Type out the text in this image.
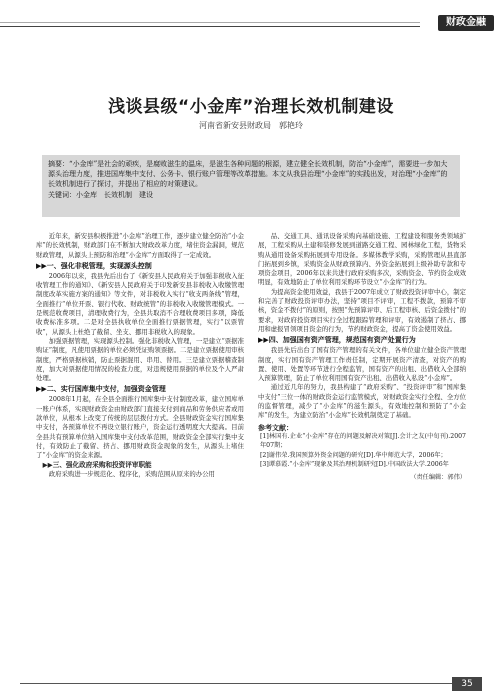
财政金融
浅谈县级“小金库”治理长效机制建设
河南省新安县财政局　郭艳玲
摘要：“小金库”是社会的顽疾，是腐败滋生的温床，是滋生各种问题的根源，建立健全长效机制，防治“小金库”，需要进一步加大源头治理力度，推进国库集中支付、公务卡、银行账户管理等改革措施。本文从我县治理“小金库”的实践出发，对治理“小金库”的长效机制进行了探讨，并提出了相应的对策建议。
关键词：小金库　长效机制　建设

近年来，新安县积极推进“小金库”治理工作，逐步建立健全防治“小金库”的长效机制，财政部门在不断加大财政改革力度，堵住资金漏洞，规范财政管理，从源头上预防和治理“小金库”方面取得了一定成效。

▶▶一、强化非税管理，实现源头控制

2006年以来，我县先后出台了《新安县人民政府关于加强非税收入征收管理工作的通知》、《新安县人民政府关于印发新安县非税收入收缴管理制度改革实施方案的通知》等文件，对非税收入实行“收支两条线”管理，全面推行“单位开票、银行代收、财政统管”的非税收入收缴管理模式。一是规范收费项目，清理收费行为，全县共取消不合理收费项目多项，降低收费标准多项。二是对全县执收单位全面推行票据管理，实行“以票管收”，从源头上杜绝了截留、坐支、挪用非税收入的现象。

加强票据管理，实现源头控制。强化非税收入管理，一是建立“票据准购证”制度，凡使用票据的单位必须凭证购领票据。二是建立票据使用审核制度，严格票据核销，防止票据混用、串用、替用。三是建立票据稽查制度，加大对票据使用情况的检查力度，对违规使用票据的单位及个人严肃处理。

▶▶二、实行国库集中支付，加强资金管理

2008年1月起，在全县全面推行国库集中支付制度改革，建立国库单一账户体系，实现财政资金由财政部门直接支付到商品和劳务供应者或用款单位，从根本上改变了传统的层层拨付方式。全县财政资金实行国库集中支付，各预算单位不再设立银行账户，资金运行透明度大大提高。目前全县共有预算单位纳入国库集中支付改革范围，财政资金全部实行集中支付，有效防止了截留、挤占、挪用财政资金现象的发生，从源头上堵住了“小金库”的资金来源。

▶▶三、强化政府采购和投资评审职能

政府采购进一步规范化、程序化，采购范围从原来的办公用

品、交通工具、通讯设备采购向基础设施、工程建设和服务类领域扩展，工程采购从土建和装修发展到道路交通工程、园林绿化工程，货物采购从通用设备采购拓展到专用设备。多媒体教学采购，采购管理从县直部门拓展到乡镇，采购资金从财政预算内、外资金拓展到上级补助专款和专项资金项目，2006年以来共进行政府采购多次，采购资金、节约资金成效明显，有效地防止了单位利用采购环节设立“小金库”的行为。

为提高资金使用效益，我县于2007年成立了财政投资评审中心，制定和完善了财政投资评审办法，坚持“项目不评审，工程不拨款，预算不审核，资金不拨付”的原则，按照“先预算评审、后工程审核、后资金拨付”的要求，对政府投资项目实行全过程跟踪管理和评审，有效遏制了挤占、挪用和虚报冒领项目资金的行为，节约财政资金，提高了资金使用效益。

▶▶四、加强国有资产管理，规范国有资产处置行为

我县先后出台了国有资产管理的有关文件，各单位建立健全资产管理制度，实行国有资产管理工作责任制，定期开展资产清查，对资产的购置、使用、处置等环节进行全程监管，国有资产的出租、出借收入全部纳入预算管理，防止了单位利用国有资产出租、出借收入私设“小金库”。

通过近几年的努力，我县构建了“政府采购”、“投资评审”和“国库集中支付”三位一体的财政资金运行监管模式，对财政资金实行全程、全方位的监督管理，减少了“小金库”的滋生源头，有效地控制和预防了“小金库”的发生，为建立防治“小金库”长效机制奠定了基础。

参考文献：

[1]林国有.企业“小金库”存在的问题及解决对策[J].会计之友(中旬刊).2007年07期；

[2]谢伟荣.我国预算外资金问题的研究[D].华中师范大学，2006年；

[3]谭慕霞.“小金库”现象及其治理机制研究[D].中国政法大学.2006年

（责任编辑：郭伟）
35
